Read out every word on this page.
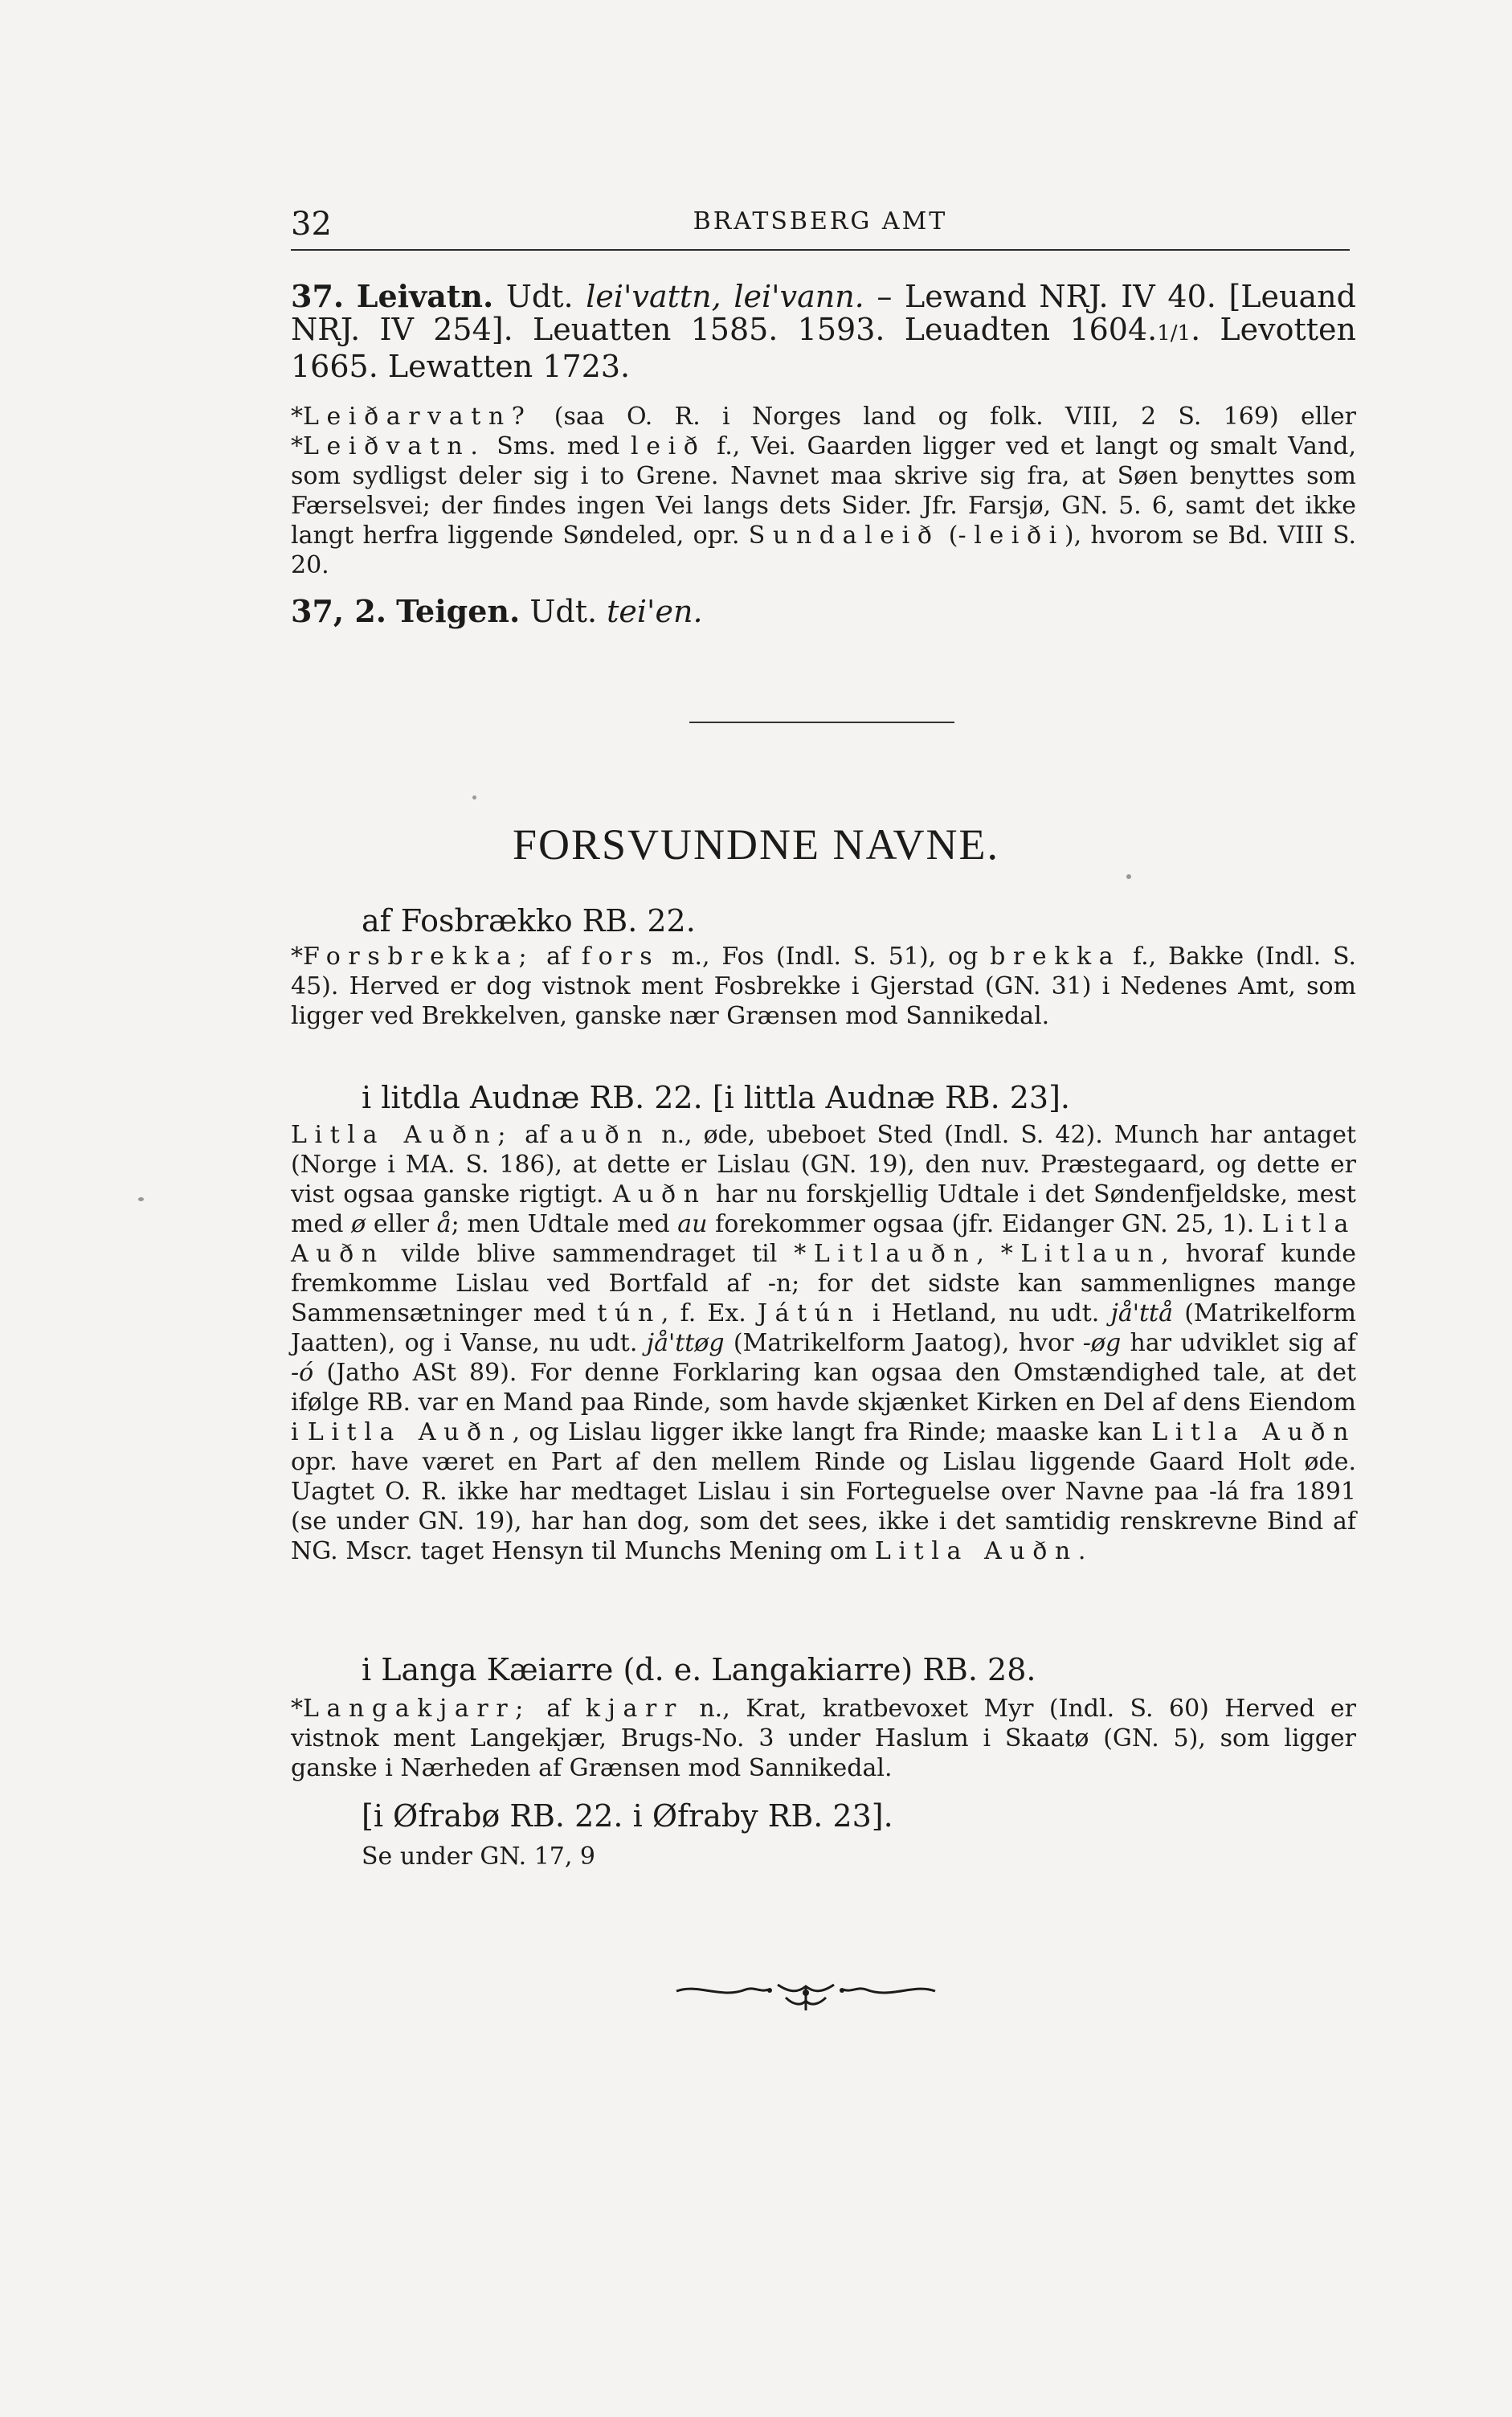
32	BRATSBERG AMT

37. Leivatn. Udt. lei'vattn, lei'vann. – Lewand NRJ. IV 40. [Leuand NRJ. IV 254]. Leuatten 1585. 1593. Leuadten 1604.1/1. Levotten 1665. Lewatten 1723.

*Leiðarvatn? (saa O. R. i Norges land og folk. VIII, 2 S. 169) eller *Leiðvatn. Sms. med leið f., Vei. Gaarden ligger ved et langt og smalt Vand, som sydligst deler sig i to Grene. Navnet maa skrive sig fra, at Søen benyttes som Færselsvei; der findes ingen Vei langs dets Sider. Jfr. Farsjø, GN. 5. 6, samt det ikke langt herfra liggende Søndeled, opr. Sundaleið (-leiði), hvorom se Bd. VIII S. 20.

37, 2. Teigen. Udt. tei'en.

FORSVUNDNE NAVNE.
af Fosbrækko RB. 22.

*Forsbrekka; af fors m., Fos (Indl. S. 51), og brekka f., Bakke (Indl. S. 45). Herved er dog vistnok ment Fosbrekke i Gjerstad (GN. 31) i Nedenes Amt, som ligger ved Brekkelven, ganske nær Grænsen mod Sannikedal.

i litdla Audnæ RB. 22. [i littla Audnæ RB. 23].

Litla Auðn; af auðn n., øde, ubeboet Sted (Indl. S. 42). Munch har antaget (Norge i MA. S. 186), at dette er Lislau (GN. 19), den nuv. Præstegaard, og dette er vist ogsaa ganske rigtigt. Auðn har nu forskjellig Udtale i det Søndenfjeldske, mest med ø eller å; men Udtale med au forekommer ogsaa (jfr. Eidanger GN. 25, 1). Litla Auðn vilde blive sammendraget til *Litlauðn, *Litlaun, hvoraf kunde fremkomme Lislau ved Bortfald af -n; for det sidste kan sammenlignes mange Sammensætninger med tún, f. Ex. Játún i Hetland, nu udt. jå'ttå (Matrikelform Jaatten), og i Vanse, nu udt. jå'ttøg (Matrikelform Jaatog), hvor -øg har udviklet sig af -ó (Jatho ASt 89). For denne Forklaring kan ogsaa den Omstændighed tale, at det ifølge RB. var en Mand paa Rinde, som havde skjænket Kirken en Del af dens Eiendom i Litla Auðn, og Lislau ligger ikke langt fra Rinde; maaske kan Litla Auðn opr. have været en Part af den mellem Rinde og Lislau liggende Gaard Holt øde. Uagtet O. R. ikke har medtaget Lislau i sin Forteguelse over Navne paa -lá fra 1891 (se under GN. 19), har han dog, som det sees, ikke i det samtidig renskrevne Bind af NG. Mscr. taget Hensyn til Munchs Mening om Litla Auðn.

i Langa Kæiarre (d. e. Langakiarre) RB. 28.

*Langakjarr; af kjarr n., Krat, kratbevoxet Myr (Indl. S. 60) Herved er vistnok ment Langekjær, Brugs-No. 3 under Haslum i Skaatø (GN. 5), som ligger ganske i Nærheden af Grænsen mod Sannikedal.

[i Øfrabø RB. 22. i Øfraby RB. 23].

Se under GN. 17, 9
